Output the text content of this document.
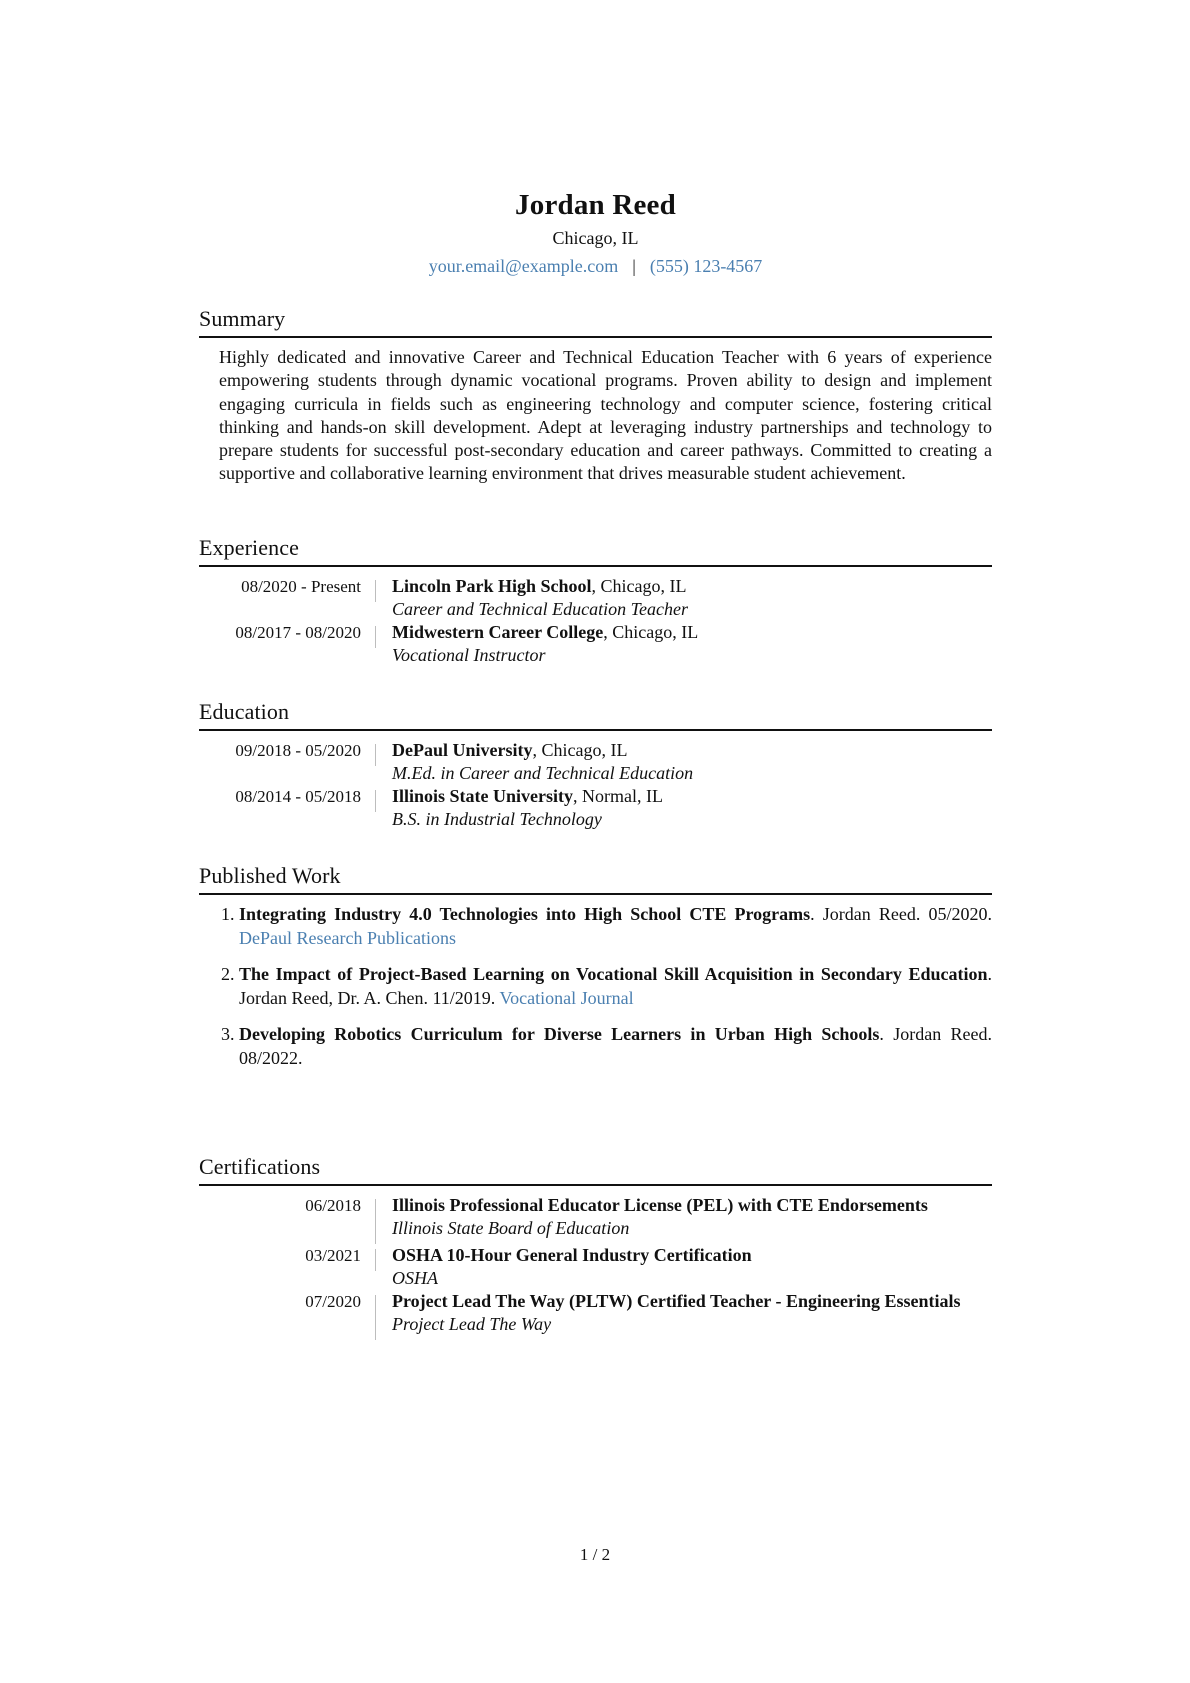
Jordan Reed
Chicago, IL
your.email@example.com | (555) 123-4567
Summary
Highly dedicated and innovative Career and Technical Education Teacher with 6 years of experience empowering students through dynamic vocational programs. Proven ability to design and implement engaging curricula in fields such as engineering technology and computer science, fostering critical thinking and hands-on skill development. Adept at leveraging industry partnerships and technology to prepare students for successful post-secondary education and career pathways. Committed to creating a supportive and collaborative learning environment that drives measurable student achievement.
Experience
08/2020 - Present	Lincoln Park High School, Chicago, IL
Career and Technical Education Teacher
08/2017 - 08/2020	Midwestern Career College, Chicago, IL
Vocational Instructor
Education
09/2018 - 05/2020	DePaul University, Chicago, IL
M.Ed. in Career and Technical Education
08/2014 - 05/2018	Illinois State University, Normal, IL
B.S. in Industrial Technology
Published Work
1. Integrating Industry 4.0 Technologies into High School CTE Programs. Jordan Reed. 05/2020. DePaul Research Publications
2. The Impact of Project-Based Learning on Vocational Skill Acquisition in Secondary Education. Jordan Reed, Dr. A. Chen. 11/2019. Vocational Journal
3. Developing Robotics Curriculum for Diverse Learners in Urban High Schools. Jordan Reed. 08/2022.
Certifications
06/2018	Illinois Professional Educator License (PEL) with CTE Endorsements
Illinois State Board of Education
03/2021	OSHA 10-Hour General Industry Certification
OSHA
07/2020	Project Lead The Way (PLTW) Certified Teacher - Engineering Essentials
Project Lead The Way
1 / 2
